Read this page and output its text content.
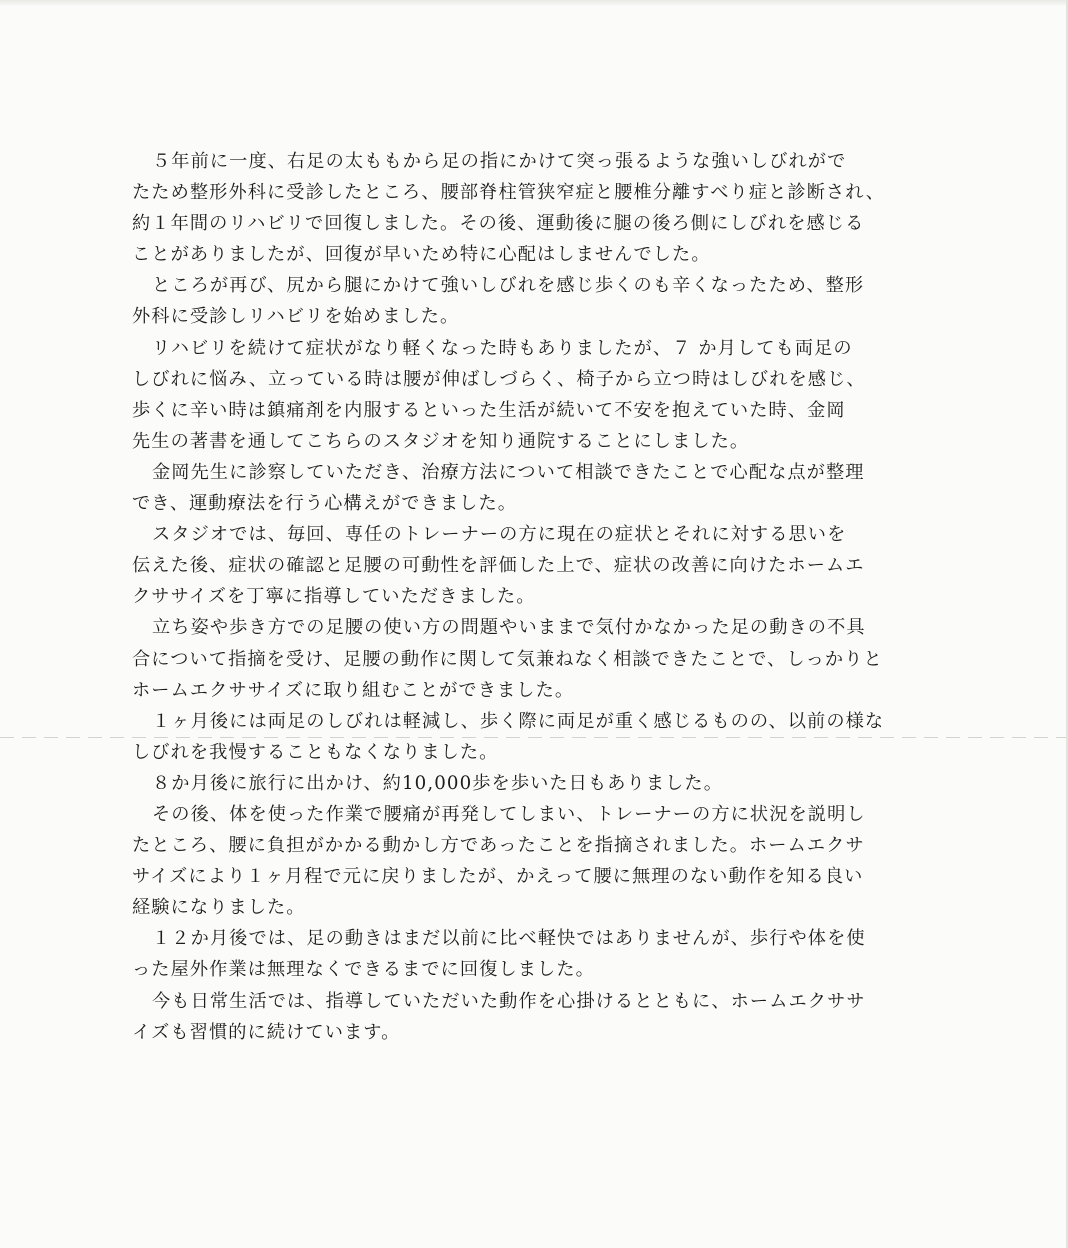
５年前に一度、右足の太ももから足の指にかけて突っ張るような強いしびれがで
たため整形外科に受診したところ、腰部脊柱管狭窄症と腰椎分離すべり症と診断され、
約１年間のリハビリで回復しました。その後、運動後に腿の後ろ側にしびれを感じる
ことがありましたが、回復が早いため特に心配はしませんでした。
ところが再び、尻から腿にかけて強いしびれを感じ歩くのも辛くなったため、整形
外科に受診しリハビリを始めました。
リハビリを続けて症状がなり軽くなった時もありましたが、７ か月しても両足の
しびれに悩み、立っている時は腰が伸ばしづらく、椅子から立つ時はしびれを感じ、
歩くに辛い時は鎮痛剤を内服するといった生活が続いて不安を抱えていた時、金岡
先生の著書を通してこちらのスタジオを知り通院することにしました。
金岡先生に診察していただき、治療方法について相談できたことで心配な点が整理
でき、運動療法を行う心構えができました。
スタジオでは、毎回、専任のトレーナーの方に現在の症状とそれに対する思いを
伝えた後、症状の確認と足腰の可動性を評価した上で、症状の改善に向けたホームエ
クササイズを丁寧に指導していただきました。
立ち姿や歩き方での足腰の使い方の問題やいままで気付かなかった足の動きの不具
合について指摘を受け、足腰の動作に関して気兼ねなく相談できたことで、しっかりと
ホームエクササイズに取り組むことができました。
１ヶ月後には両足のしびれは軽減し、歩く際に両足が重く感じるものの、以前の様な
しびれを我慢することもなくなりました。
８か月後に旅行に出かけ、約10,000歩を歩いた日もありました。
その後、体を使った作業で腰痛が再発してしまい、トレーナーの方に状況を説明し
たところ、腰に負担がかかる動かし方であったことを指摘されました。ホームエクサ
サイズにより１ヶ月程で元に戻りましたが、かえって腰に無理のない動作を知る良い
経験になりました。
１２か月後では、足の動きはまだ以前に比べ軽快ではありませんが、歩行や体を使
った屋外作業は無理なくできるまでに回復しました。
今も日常生活では、指導していただいた動作を心掛けるとともに、ホームエクササ
イズも習慣的に続けています。
